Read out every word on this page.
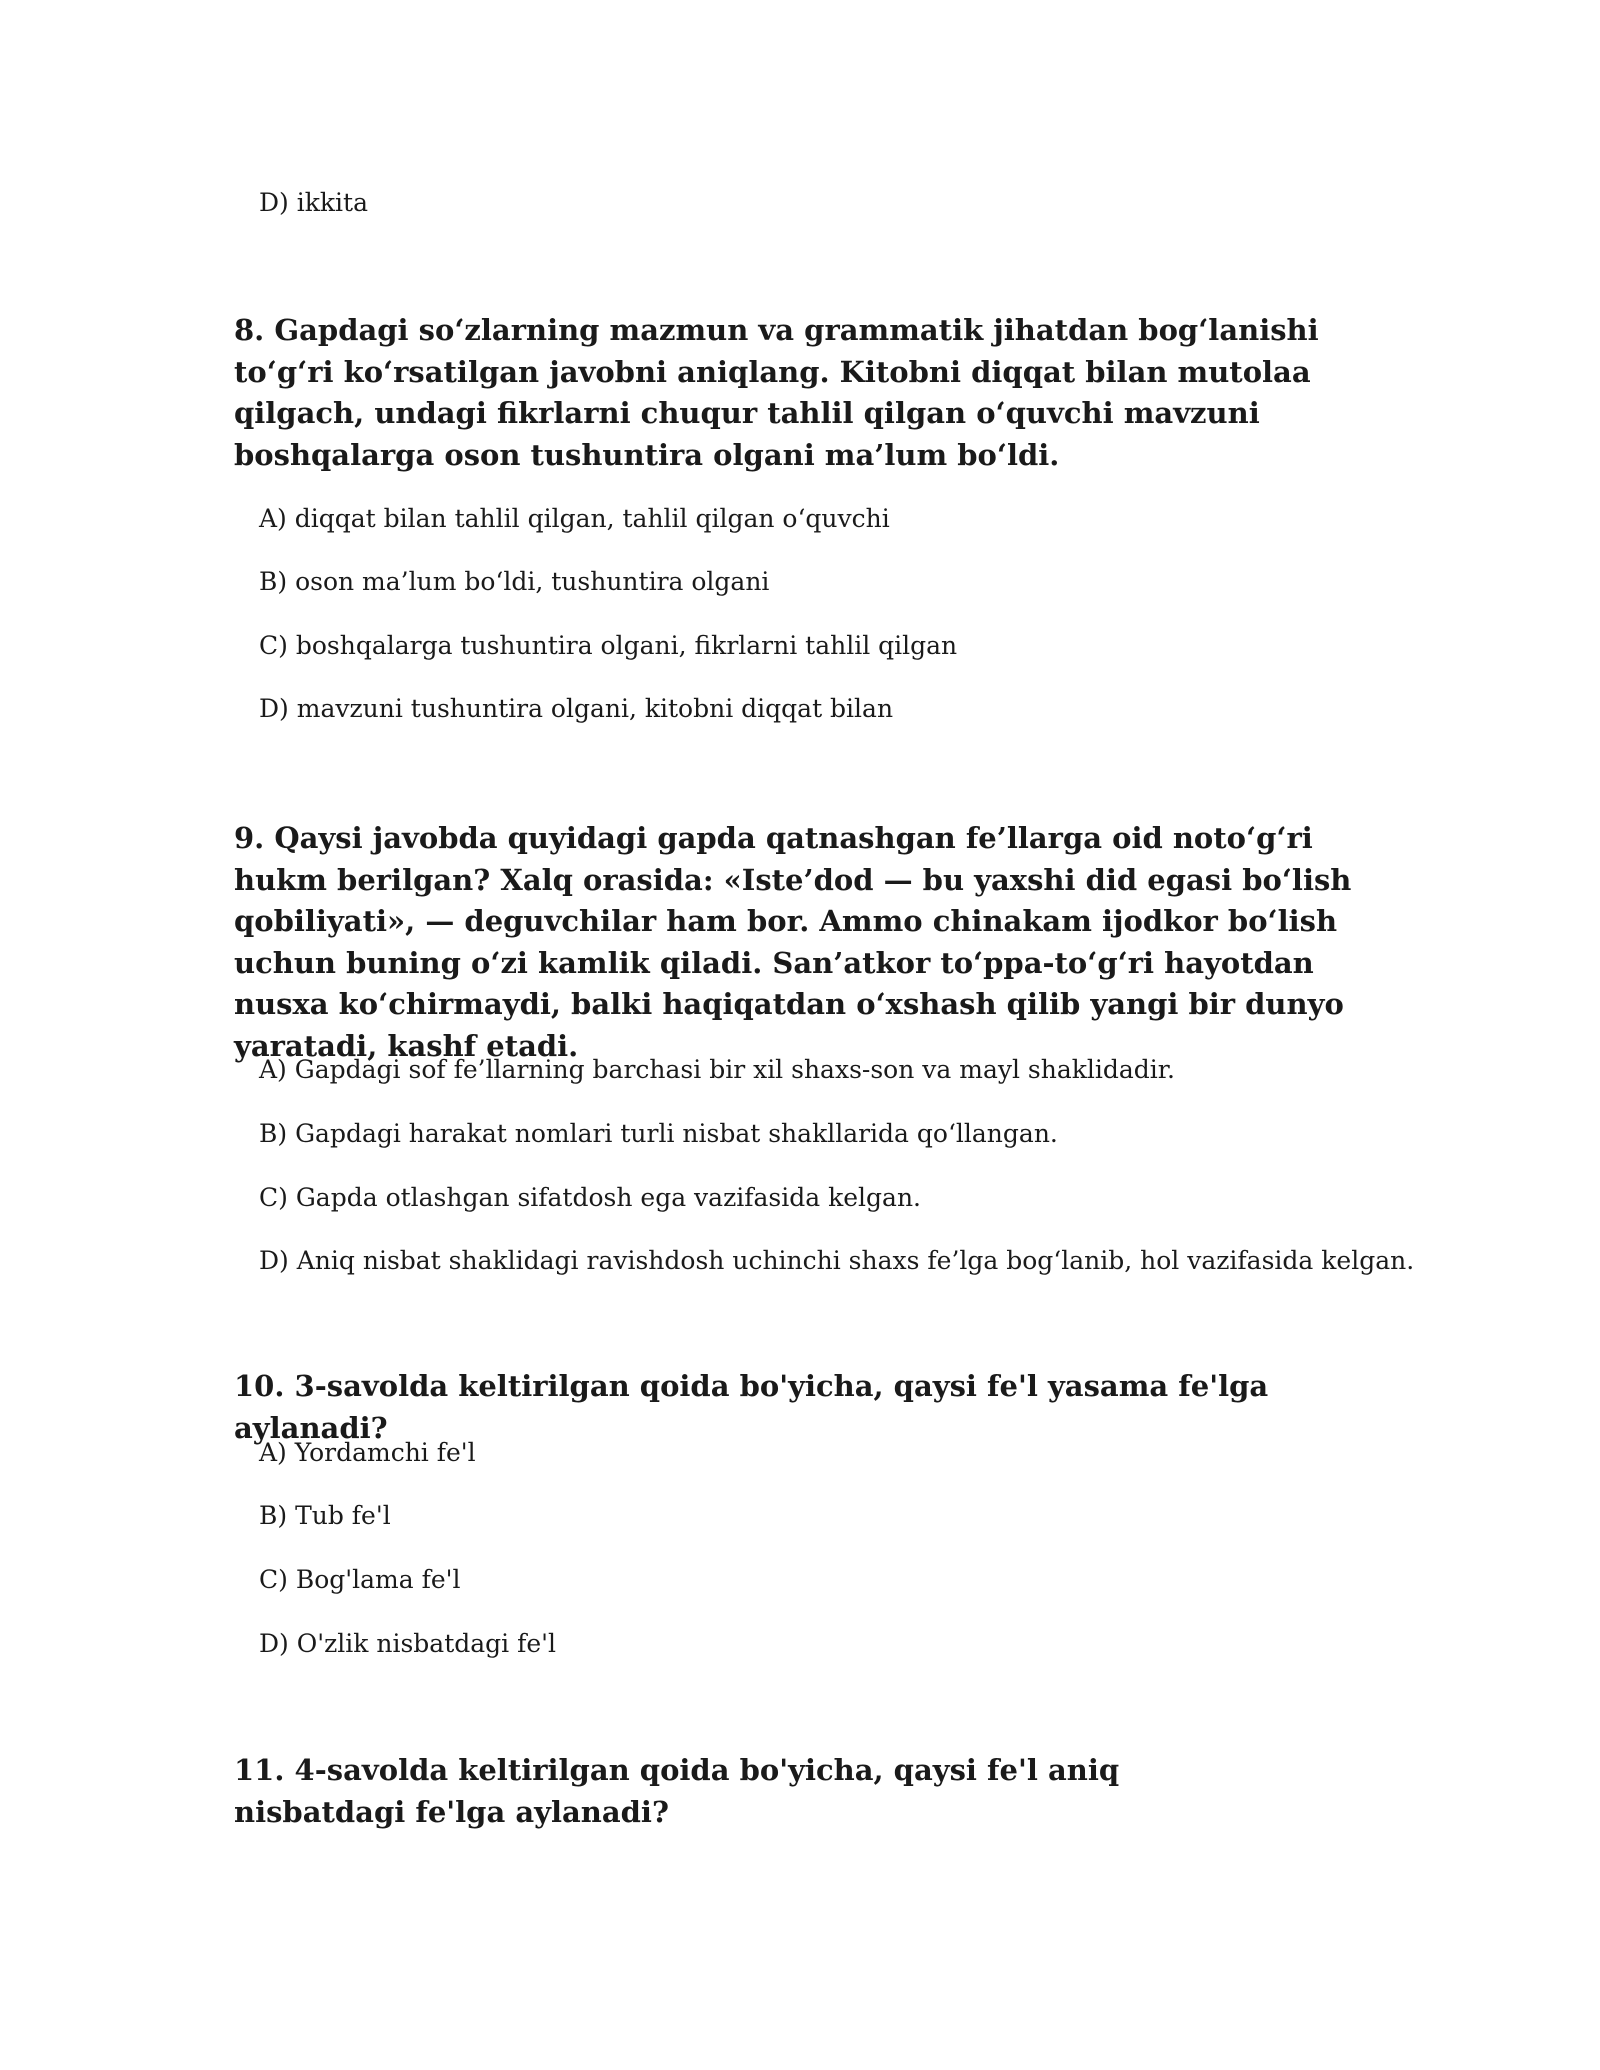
D) ikkita
8. Gapdagi so‘zlarning mazmun va grammatik jihatdan bog‘lanishi to‘g‘ri ko‘rsatilgan javobni aniqlang. Kitobni diqqat bilan mutolaa qilgach, undagi fikrlarni chuqur tahlil qilgan o‘quvchi mavzuni boshqalarga oson tushuntira olgani ma’lum bo‘ldi.
A) diqqat bilan tahlil qilgan, tahlil qilgan o‘quvchi
B) oson ma’lum bo‘ldi, tushuntira olgani
C) boshqalarga tushuntira olgani, fikrlarni tahlil qilgan
D) mavzuni tushuntira olgani, kitobni diqqat bilan
9. Qaysi javobda quyidagi gapda qatnashgan fe’llarga oid noto‘g‘ri hukm berilgan? Xalq orasida: «Iste’dod — bu yaxshi did egasi bo‘lish qobiliyati», — deguvchilar ham bor. Ammo chinakam ijodkor bo‘lish uchun buning o‘zi kamlik qiladi. San’atkor to‘ppa-to‘g‘ri hayotdan nusxa ko‘chirmaydi, balki haqiqatdan o‘xshash qilib yangi bir dunyo yaratadi, kashf etadi.
A) Gapdagi sof fe’llarning barchasi bir xil shaxs-son va mayl shaklidadir.
B) Gapdagi harakat nomlari turli nisbat shakllarida qo‘llangan.
C) Gapda otlashgan sifatdosh ega vazifasida kelgan.
D) Aniq nisbat shaklidagi ravishdosh uchinchi shaxs fe’lga bog‘lanib, hol vazifasida kelgan.
10. 3-savolda keltirilgan qoida bo'yicha, qaysi fe'l yasama fe'lga aylanadi?
A) Yordamchi fe'l
B) Tub fe'l
C) Bog'lama fe'l
D) O'zlik nisbatdagi fe'l
11. 4-savolda keltirilgan qoida bo'yicha, qaysi fe'l aniq nisbatdagi fe'lga aylanadi?
